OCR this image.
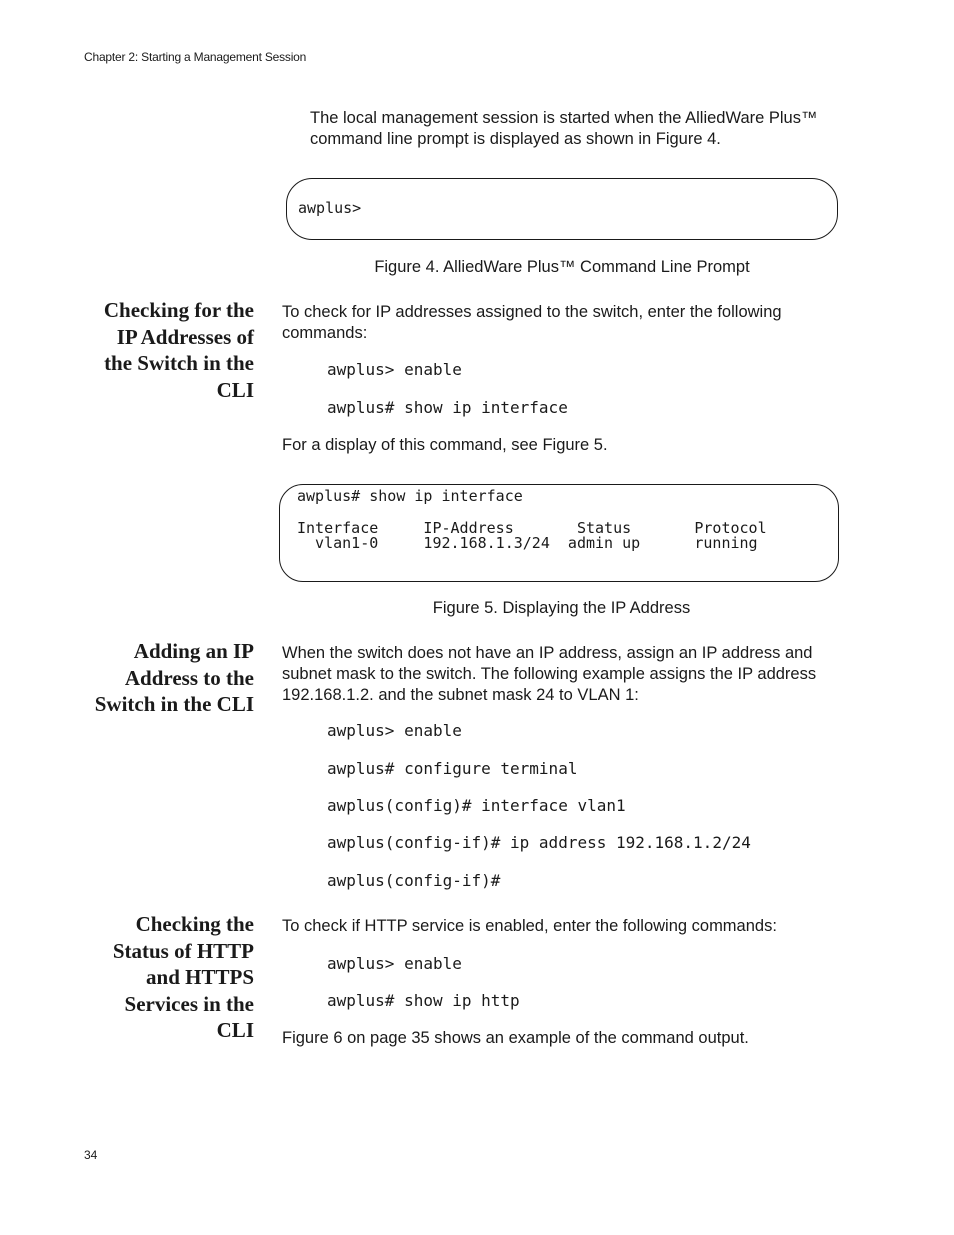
Chapter 2: Starting a Management Session
The local management session is started when the AlliedWare Plus™
command line prompt is displayed as shown in Figure 4.
awplus>
Figure 4. AlliedWare Plus™ Command Line Prompt
Checking for the
IP Addresses of
the Switch in the
CLI
To check for IP addresses assigned to the switch, enter the following
commands:
awplus> enable
awplus# show ip interface
For a display of this command, see Figure 5.
awplus# show ip interface
Interface     IP-Address       Status       Protocol
vlan1-0     192.168.1.3/24  admin up      running
Figure 5. Displaying the IP Address
Adding an IP
Address to the
Switch in the CLI
When the switch does not have an IP address, assign an IP address and
subnet mask to the switch. The following example assigns the IP address
192.168.1.2. and the subnet mask 24 to VLAN 1:
awplus> enable
awplus# configure terminal
awplus(config)# interface vlan1
awplus(config-if)# ip address 192.168.1.2/24
awplus(config-if)#
Checking the
Status of HTTP
and HTTPS
Services in the
CLI
To check if HTTP service is enabled, enter the following commands:
awplus> enable
awplus# show ip http
Figure 6 on page 35 shows an example of the command output.
34
